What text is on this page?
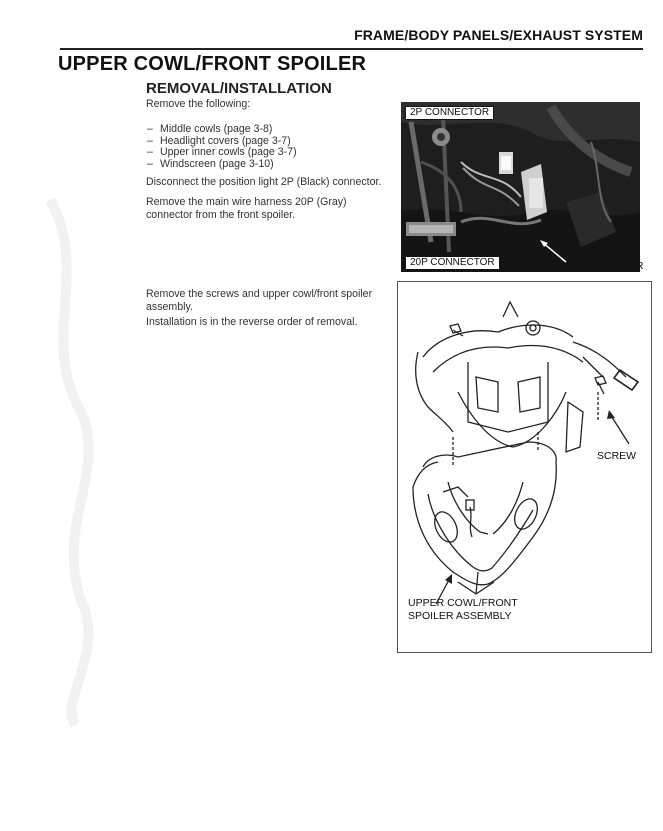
FRAME/BODY PANELS/EXHAUST SYSTEM
UPPER COWL/FRONT SPOILER
REMOVAL/INSTALLATION
Remove the following:
– Middle cowls (page 3-8)
– Headlight covers (page 3-7)
– Upper inner cowls (page 3-7)
– Windscreen (page 3-10)
Disconnect the position light 2P (Black) connector.
Remove the main wire harness 20P (Gray) connector from the front spoiler.
Remove the screws and upper cowl/front spoiler assembly.
Installation is in the reverse order of removal.
2P CONNECTOR
20P CONNECTOR	FRONT SPOILER
SCREW
UPPER COWL/FRONT
SPOILER ASSEMBLY
